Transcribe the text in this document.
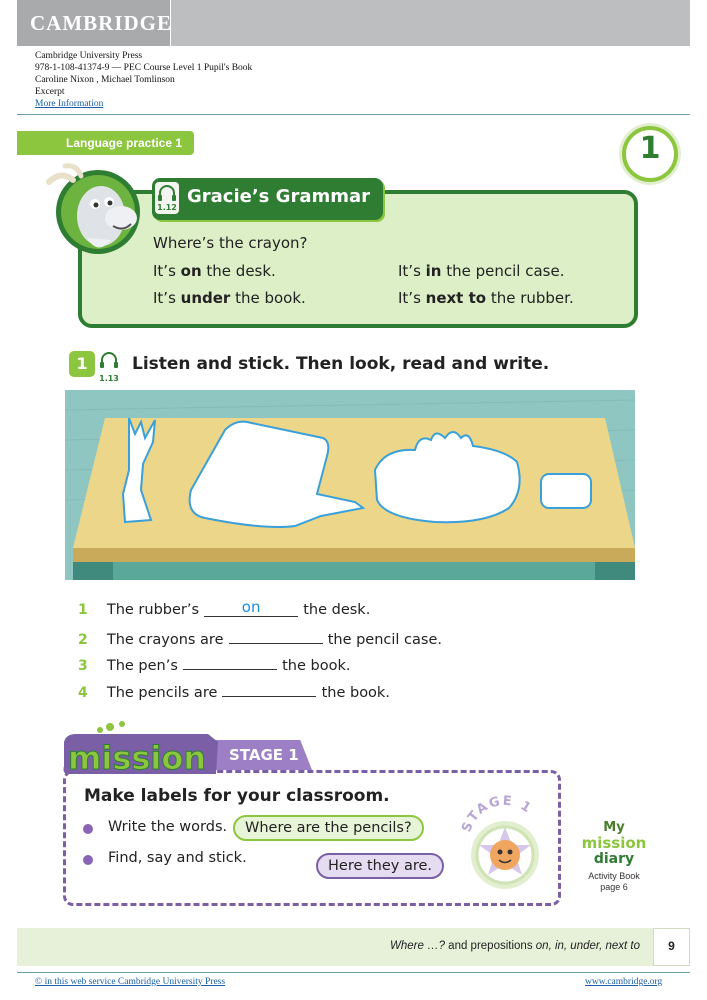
CAMBRIDGE
Cambridge University Press
978-1-108-41374-9 — PEC Course Level 1 Pupil's Book
Caroline Nixon , Michael Tomlinson
Excerpt
More Information
Language practice 1	1
1.12
Gracie’s Grammar
Where’s the crayon?
It’s on the desk.	It’s in the pencil case.
It’s under the book.	It’s next to the rubber.
1
1.13
Listen and stick. Then look, read and write.
1 The rubber’s	on	the desk.
2 The crayons are	the pencil case.
3 The pen’s	the book.
4 The pencils are	the book.
STAGE 1
mission
Make labels for your classroom.
Write the words.
Find, say and stick.
Where are the pencils?
Here they are.
STAGE 1
My
mission
diary
Activity Book
page 6
Where …? and prepositions on, in, under, next to	9
© in this web service Cambridge University Press	www.cambridge.org
